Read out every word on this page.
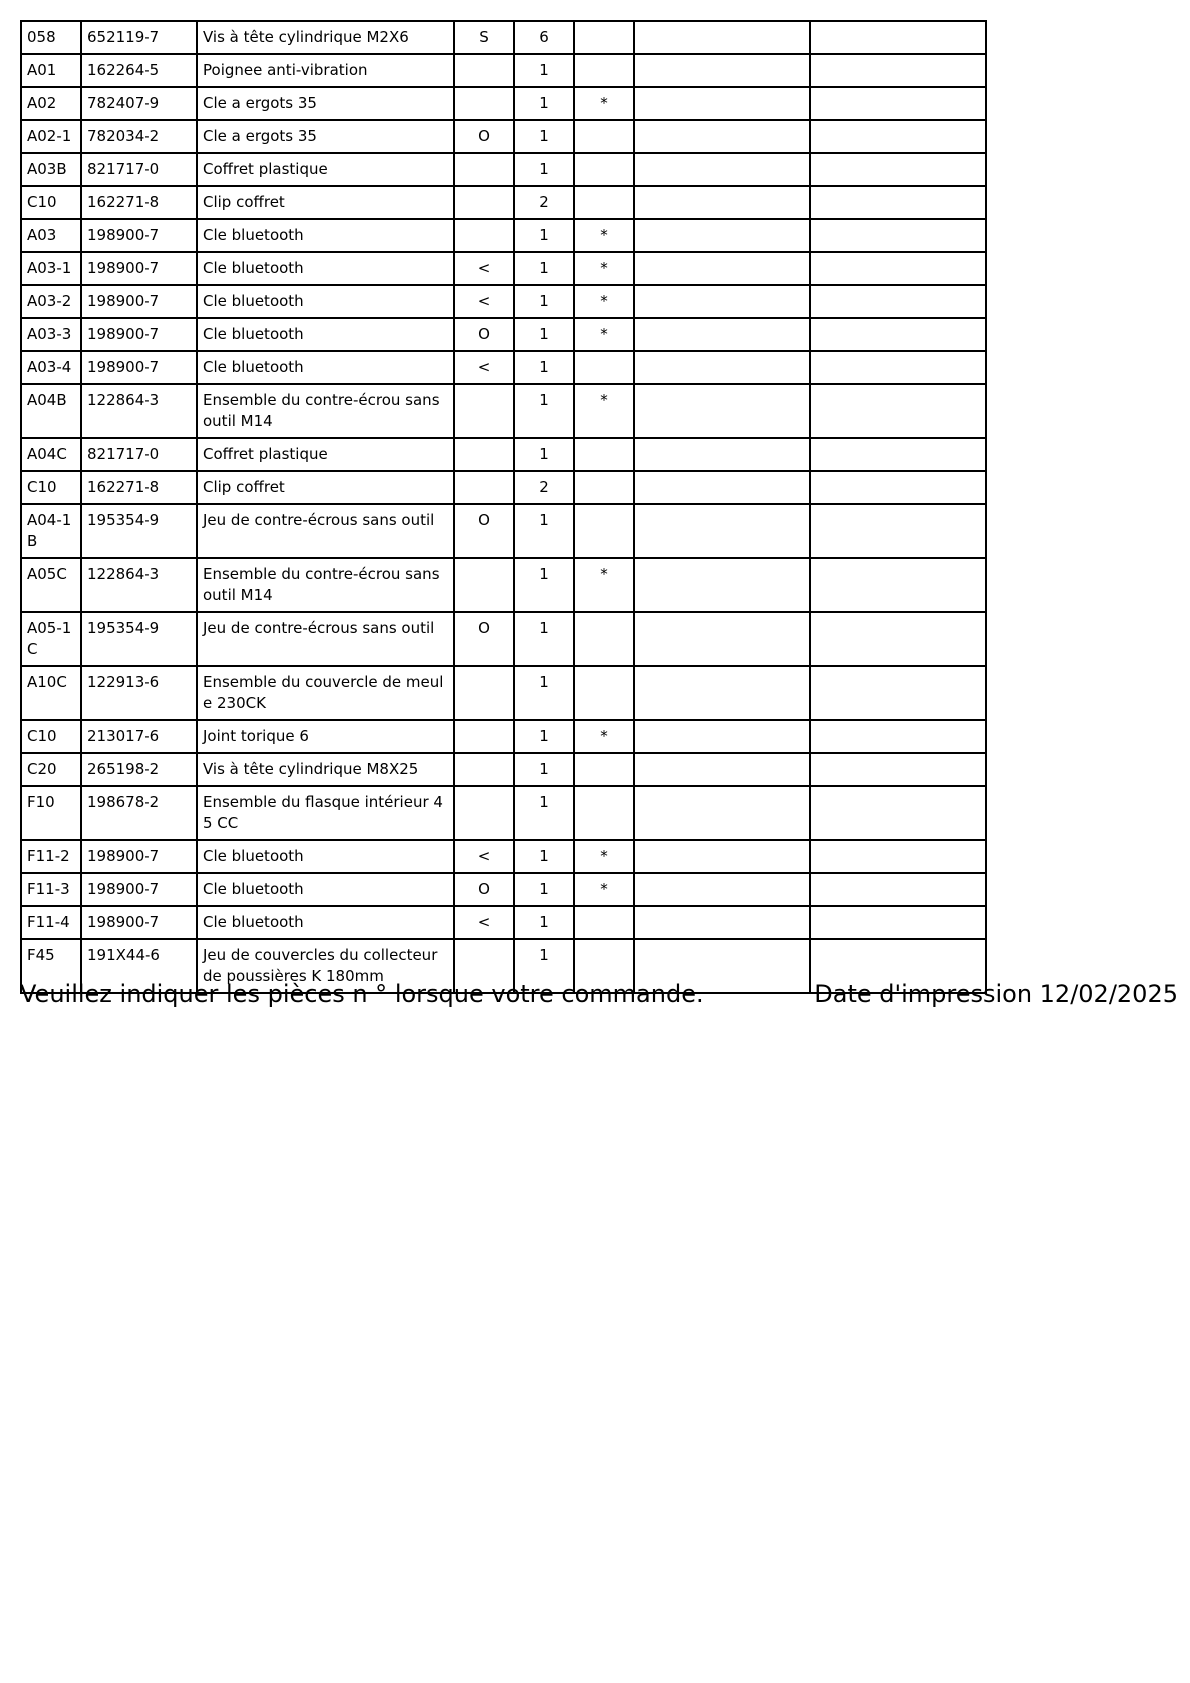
058	652119-7	Vis à tête cylindrique M2X6	S	6			
A01	162264-5	Poignee anti-vibration		1			
A02	782407-9	Cle a ergots 35		1	*		
A02-1	782034-2	Cle a ergots 35	O	1			
A03B	821717-0	Coffret plastique		1			
C10	162271-8	Clip coffret		2			
A03	198900-7	Cle bluetooth		1	*		
A03-1	198900-7	Cle bluetooth	<	1	*		
A03-2	198900-7	Cle bluetooth	<	1	*		
A03-3	198900-7	Cle bluetooth	O	1	*		
A03-4	198900-7	Cle bluetooth	<	1			
A04B	122864-3	Ensemble du contre-écrou sans outil M14		1	*		
A04C	821717-0	Coffret plastique		1			
C10	162271-8	Clip coffret		2			
A04-1B	195354-9	Jeu de contre-écrous sans outil	O	1			
A05C	122864-3	Ensemble du contre-écrou sans outil M14		1	*		
A05-1C	195354-9	Jeu de contre-écrous sans outil	O	1			
A10C	122913-6	Ensemble du couvercle de meule 230CK		1			
C10	213017-6	Joint torique 6		1	*		
C20	265198-2	Vis à tête cylindrique M8X25		1			
F10	198678-2	Ensemble du flasque intérieur 45 CC		1			
F11-2	198900-7	Cle bluetooth	<	1	*		
F11-3	198900-7	Cle bluetooth	O	1	*		
F11-4	198900-7	Cle bluetooth	<	1			
F45	191X44-6	Jeu de couvercles du collecteur de poussières K 180mm		1			
Veuillez indiquer les pièces n ° lorsque votre commande.	Date d'impression 12/02/2025
